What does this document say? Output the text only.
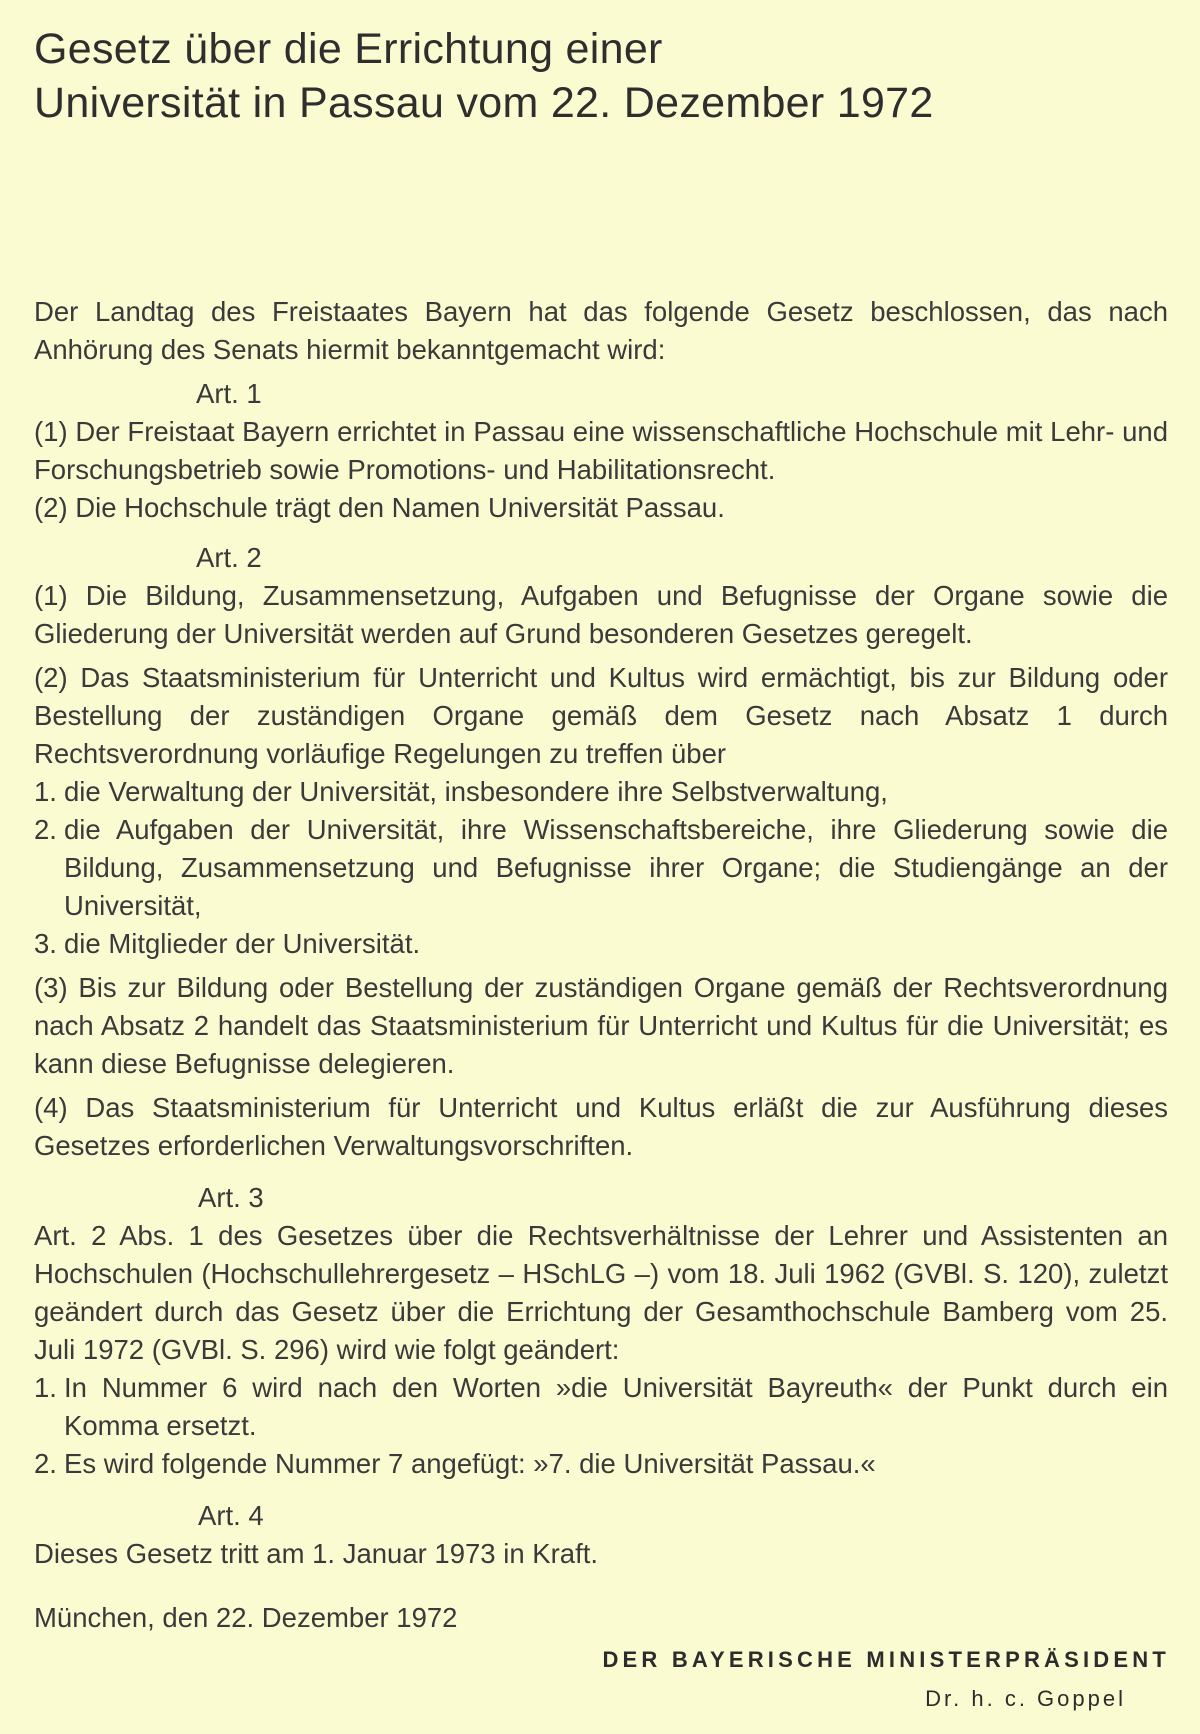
Gesetz über die Errichtung einer
Universität in Passau vom 22. Dezember 1972
Der Landtag des Freistaates Bayern hat das folgende Gesetz beschlossen, das nach Anhörung des Senats hiermit bekanntgemacht wird:
Art. 1
(1) Der Freistaat Bayern errichtet in Passau eine wissenschaftliche Hochschule mit Lehr- und Forschungsbetrieb sowie Promotions- und Habilitationsrecht.
(2) Die Hochschule trägt den Namen Universität Passau.
Art. 2
(1) Die Bildung, Zusammensetzung, Aufgaben und Befugnisse der Organe sowie die Gliederung der Universität werden auf Grund besonderen Gesetzes geregelt.
(2) Das Staatsministerium für Unterricht und Kultus wird ermächtigt, bis zur Bildung oder Bestellung der zuständigen Organe gemäß dem Gesetz nach Absatz 1 durch Rechtsverordnung vorläufige Regelungen zu treffen über
1. die Verwaltung der Universität, insbesondere ihre Selbstverwaltung,
2. die Aufgaben der Universität, ihre Wissenschaftsbereiche, ihre Gliederung sowie die Bildung, Zusammensetzung und Befugnisse ihrer Organe; die Studiengänge an der Universität,
3. die Mitglieder der Universität.
(3) Bis zur Bildung oder Bestellung der zuständigen Organe gemäß der Rechtsverordnung nach Absatz 2 handelt das Staatsministerium für Unterricht und Kultus für die Universität; es kann diese Befugnisse delegieren.
(4) Das Staatsministerium für Unterricht und Kultus erläßt die zur Ausführung dieses Gesetzes erforderlichen Verwaltungsvorschriften.
Art. 3
Art. 2 Abs. 1 des Gesetzes über die Rechtsverhältnisse der Lehrer und Assistenten an Hochschulen (Hochschullehrergesetz – HSchLG –) vom 18. Juli 1962 (GVBl. S. 120), zuletzt geändert durch das Gesetz über die Errichtung der Gesamthochschule Bamberg vom 25. Juli 1972 (GVBl. S. 296) wird wie folgt geändert:
1. In Nummer 6 wird nach den Worten »die Universität Bayreuth« der Punkt durch ein Komma ersetzt.
2. Es wird folgende Nummer 7 angefügt: »7. die Universität Passau.«
Art. 4
Dieses Gesetz tritt am 1. Januar 1973 in Kraft.
München, den 22. Dezember 1972
DER BAYERISCHE MINISTERPRÄSIDENT
Dr. h. c. Goppel
